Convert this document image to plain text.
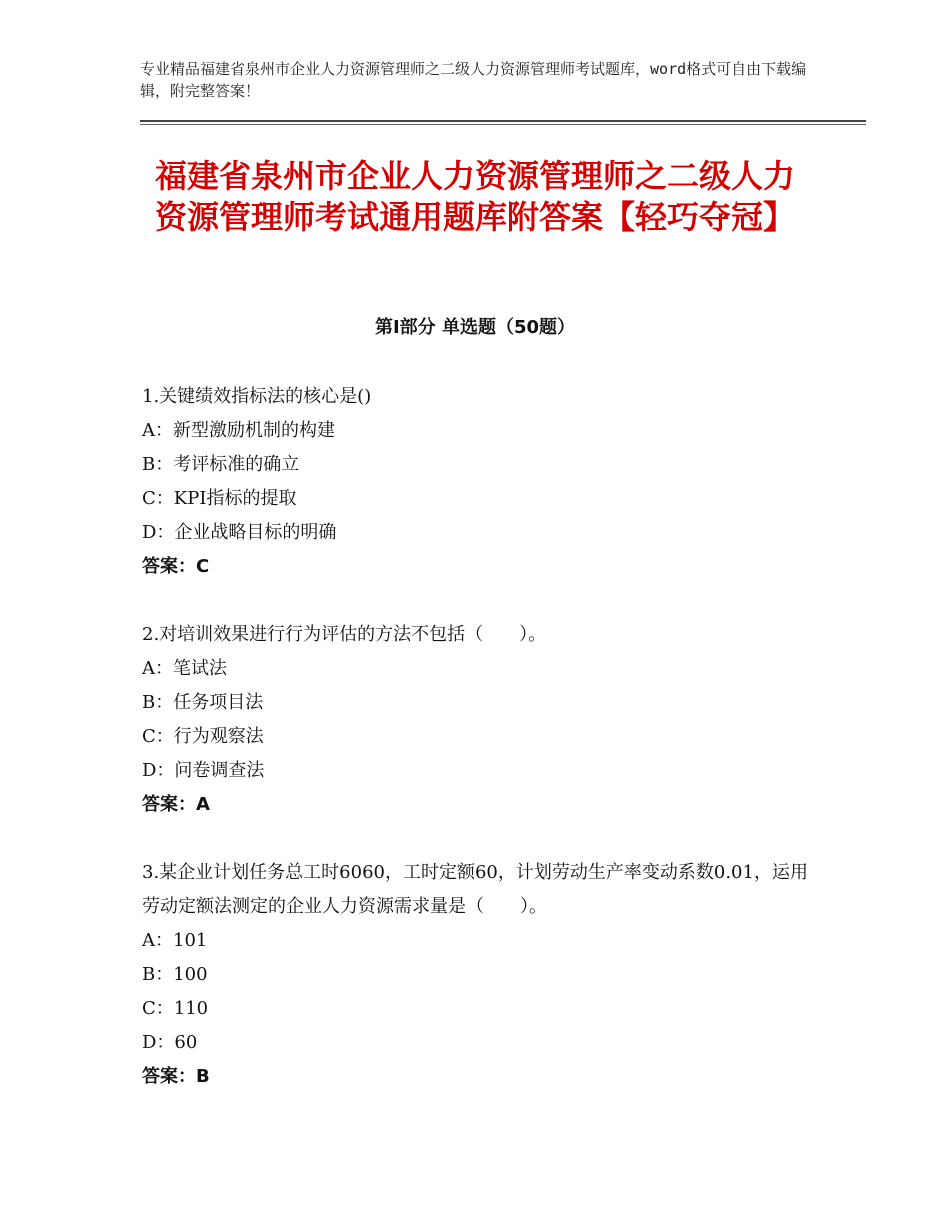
专业精品福建省泉州市企业人力资源管理师之二级人力资源管理师考试题库，word格式可自由下载编辑，附完整答案！
福建省泉州市企业人力资源管理师之二级人力资源管理师考试通用题库附答案【轻巧夺冠】
第Ⅰ部分 单选题（50题）

1.关键绩效指标法的核心是()

A：新型激励机制的构建

B：考评标准的确立

C：KPI指标的提取

D：企业战略目标的明确

答案：C

2.对培训效果进行行为评估的方法不包括（　　）。

A：笔试法

B：任务项目法

C：行为观察法

D：问卷调查法

答案：A

3.某企业计划任务总工时6060，工时定额60，计划劳动生产率变动系数0.01，运用劳动定额法测定的企业人力资源需求量是（　　）。

A：101

B：100

C：110

D：60

答案：B
